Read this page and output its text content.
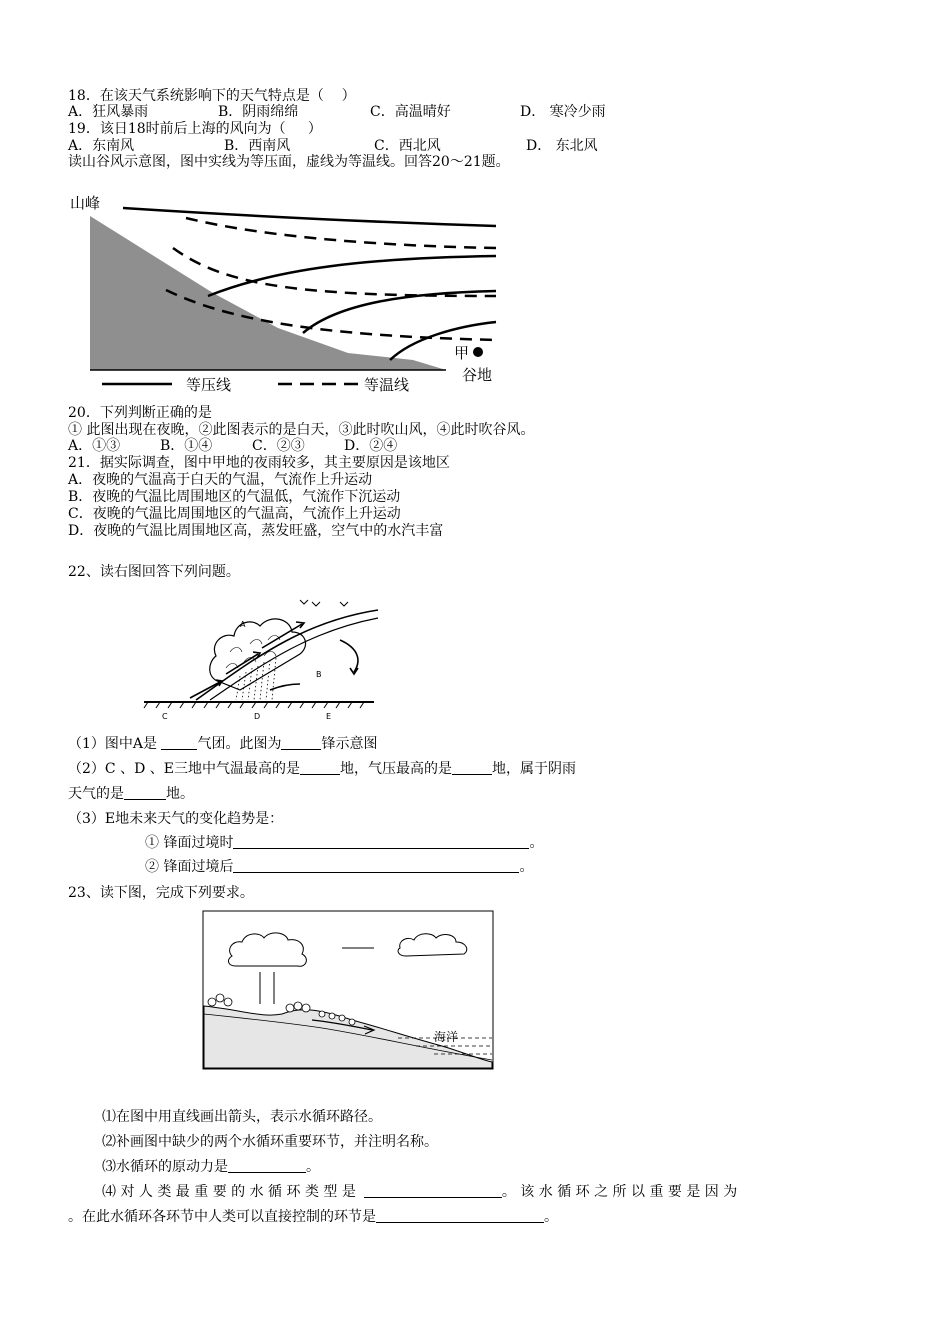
18．在该天气系统影响下的天气特点是（    ）
A．狂风暴雨	B．阴雨绵绵	C．高温晴好	D． 寒冷少雨
19．该日18时前后上海的风向为（     ）
A．东南风	B．西南风	C．西北风	D． 东北风
读山谷风示意图，图中实线为等压面，虚线为等温线。回答20～21题。
山峰
甲
谷地
等压线	等温线
20．下列判断正确的是
① 此图出现在夜晚，②此图表示的是白天，③此时吹山风，④此时吹谷风。
A．①③	B．①④	C．②③	D．②④
21．据实际调查，图中甲地的夜雨较多，其主要原因是该地区
A．夜晚的气温高于白天的气温，气流作上升运动
B．夜晚的气温比周围地区的气温低，气流作下沉运动
C．夜晚的气温比周围地区的气温高，气流作上升运动
D．夜晚的气温比周围地区高，蒸发旺盛，空气中的水汽丰富
22、读右图回答下列问题。
A
B
C	D	E
（1）图中A是	气团。此图为	锋示意图
（2）C 、D 、E三地中气温最高的是	地，气压最高的是	地，属于阴雨
天气的是	地。
（3）E地未来天气的变化趋势是：
① 锋面过境时	。
② 锋面过境后	。
23、读下图，完成下列要求。
海洋
⑴在图中用直线画出箭头，表示水循环路径。
⑵补画图中缺少的两个水循环重要环节，并注明名称。
⑶水循环的原动力是	。
⑷ 对 人 类 最 重 要 的 水 循 环 类 型 是	。 该 水 循 环 之 所 以 重 要 是 因 为
。在此水循环各环节中人类可以直接控制的环节是	。
